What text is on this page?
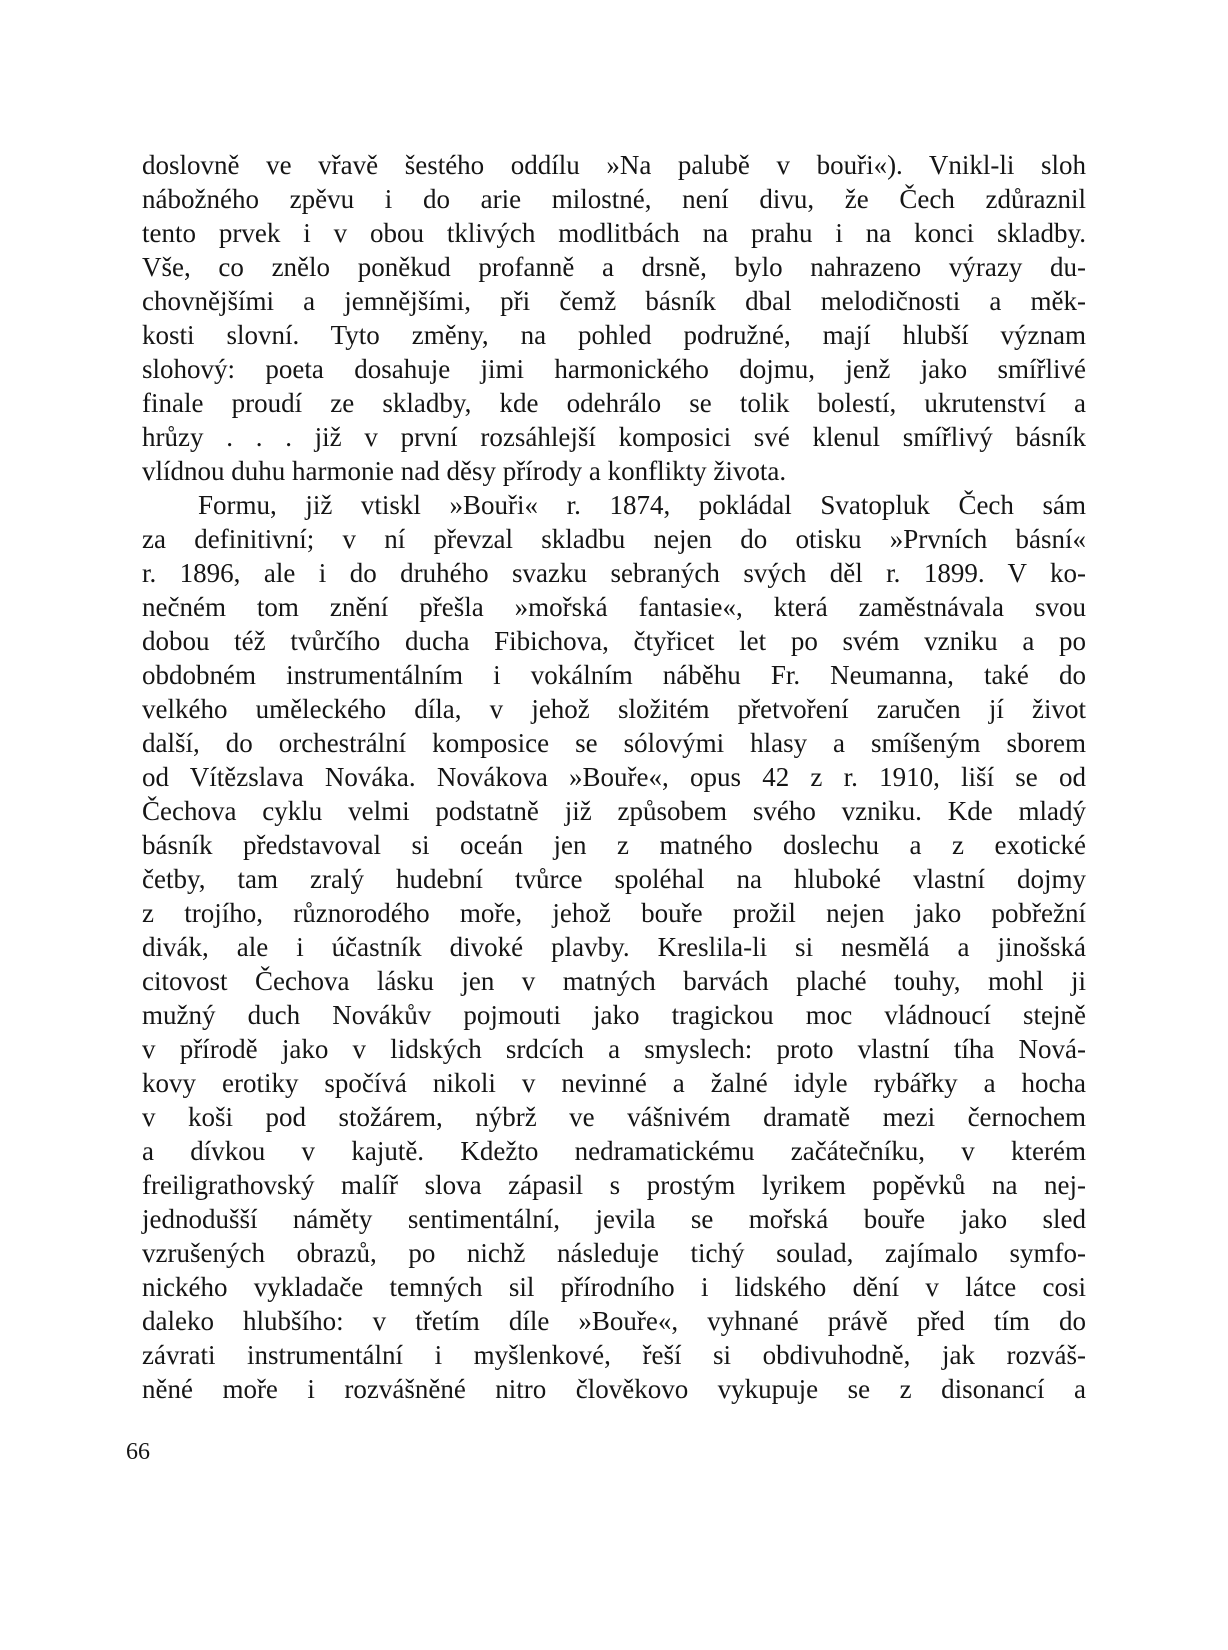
doslovně ve vřavě šestého oddílu »Na palubě v bouři«). Vnikl-li sloh
nábožného zpěvu i do arie milostné, není divu, že Čech zdůraznil
tento prvek i v obou tklivých modlitbách na prahu i na konci skladby.
Vše, co znělo poněkud profanně a drsně, bylo nahrazeno výrazy du-
chovnějšími a jemnějšími, při čemž básník dbal melodičnosti a měk-
kosti slovní. Tyto změny, na pohled podružné, mají hlubší význam
slohový: poeta dosahuje jimi harmonického dojmu, jenž jako smířlivé
finale proudí ze skladby, kde odehrálo se tolik bolestí, ukrutenství a
hrůzy . . . již v první rozsáhlejší komposici své klenul smířlivý básník
vlídnou duhu harmonie nad děsy přírody a konflikty života.
Formu, již vtiskl »Bouři« r. 1874, pokládal Svatopluk Čech sám
za definitivní; v ní převzal skladbu nejen do otisku »Prvních básní«
r. 1896, ale i do druhého svazku sebraných svých děl r. 1899. V ko-
nečném tom znění přešla »mořská fantasie«, která zaměstnávala svou
dobou též tvůrčího ducha Fibichova, čtyřicet let po svém vzniku a po
obdobném instrumentálním i vokálním náběhu Fr. Neumanna, také do
velkého uměleckého díla, v jehož složitém přetvoření zaručen jí život
další, do orchestrální komposice se sólovými hlasy a smíšeným sborem
od Vítězslava Nováka. Novákova »Bouře«, opus 42 z r. 1910, liší se od
Čechova cyklu velmi podstatně již způsobem svého vzniku. Kde mladý
básník představoval si oceán jen z matného doslechu a z exotické
četby, tam zralý hudební tvůrce spoléhal na hluboké vlastní dojmy
z trojího, různorodého moře, jehož bouře prožil nejen jako pobřežní
divák, ale i účastník divoké plavby. Kreslila-li si nesmělá a jinošská
citovost Čechova lásku jen v matných barvách plaché touhy, mohl ji
mužný duch Novákův pojmouti jako tragickou moc vládnoucí stejně
v přírodě jako v lidských srdcích a smyslech: proto vlastní tíha Nová-
kovy erotiky spočívá nikoli v nevinné a žalné idyle rybářky a hocha
v koši pod stožárem, nýbrž ve vášnivém dramatě mezi černochem
a dívkou v kajutě. Kdežto nedramatickému začátečníku, v kterém
freiligrathovský malíř slova zápasil s prostým lyrikem popěvků na nej-
jednodušší náměty sentimentální, jevila se mořská bouře jako sled
vzrušených obrazů, po nichž následuje tichý soulad, zajímalo symfo-
nického vykladače temných sil přírodního i lidského dění v látce cosi
daleko hlubšího: v třetím díle »Bouře«, vyhnané právě před tím do
závrati instrumentální i myšlenkové, řeší si obdivuhodně, jak rozváš-
něné moře i rozvášněné nitro člověkovo vykupuje se z disonancí a
66
